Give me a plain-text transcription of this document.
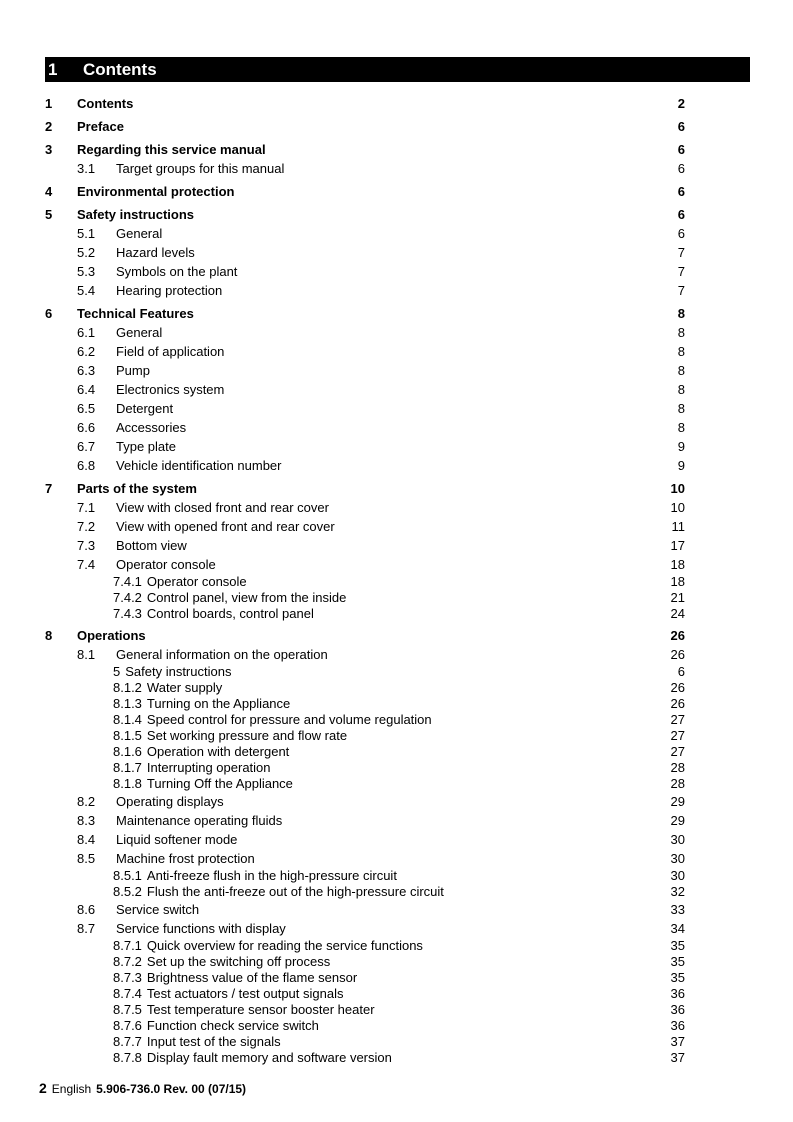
1	Contents
1	Contents	2
2	Preface	6
3	Regarding this service manual	6
3.1	Target groups for this manual	6
4	Environmental protection	6
5	Safety instructions	6
5.1	General	6
5.2	Hazard levels	7
5.3	Symbols on the plant	7
5.4	Hearing protection	7
6	Technical Features	8
6.1	General	8
6.2	Field of application	8
6.3	Pump	8
6.4	Electronics system	8
6.5	Detergent	8
6.6	Accessories	8
6.7	Type plate	9
6.8	Vehicle identification number	9
7	Parts of the system	10
7.1	View with closed front and rear cover	10
7.2	View with opened front and rear cover	11
7.3	Bottom view	17
7.4	Operator console	18
7.4.1 Operator console	18
7.4.2 Control panel, view from the inside	21
7.4.3 Control boards, control panel	24
8	Operations	26
8.1	General information on the operation	26
5 Safety instructions	6
8.1.2 Water supply	26
8.1.3 Turning on the Appliance	26
8.1.4 Speed control for pressure and volume regulation	27
8.1.5 Set working pressure and flow rate	27
8.1.6 Operation with detergent	27
8.1.7 Interrupting operation	28
8.1.8 Turning Off the Appliance	28
8.2	Operating displays	29
8.3	Maintenance operating fluids	29
8.4	Liquid softener mode	30
8.5	Machine frost protection	30
8.5.1 Anti-freeze flush in the high-pressure circuit	30
8.5.2 Flush the anti-freeze out of the high-pressure circuit	32
8.6	Service switch	33
8.7	Service functions with display	34
8.7.1 Quick overview for reading the service functions	35
8.7.2 Set up the switching off process	35
8.7.3 Brightness value of the flame sensor	35
8.7.4 Test actuators / test output signals	36
8.7.5 Test temperature sensor booster heater	36
8.7.6 Function check service switch	36
8.7.7 Input test of the signals	37
8.7.8 Display fault memory and software version	37
2 English 5.906-736.0 Rev. 00 (07/15)
